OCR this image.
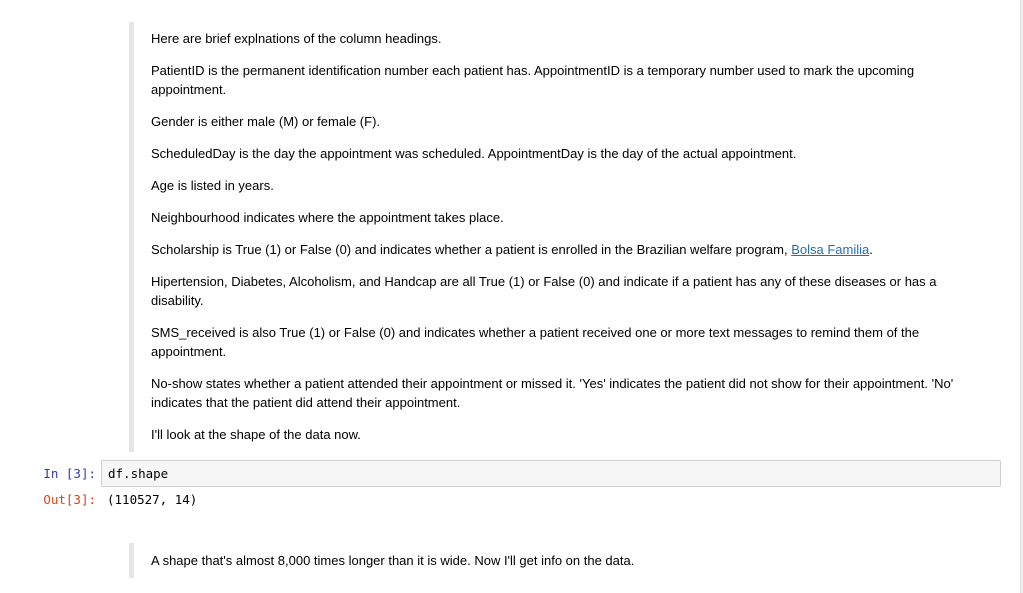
Here are brief explnations of the column headings.

PatientID is the permanent identification number each patient has. AppointmentID is a temporary number used to mark the upcoming appointment.

Gender is either male (M) or female (F).

ScheduledDay is the day the appointment was scheduled. AppointmentDay is the day of the actual appointment.

Age is listed in years.

Neighbourhood indicates where the appointment takes place.

Scholarship is True (1) or False (0) and indicates whether a patient is enrolled in the Brazilian welfare program, Bolsa Familia.

Hipertension, Diabetes, Alcoholism, and Handcap are all True (1) or False (0) and indicate if a patient has any of these diseases or has a disability.

SMS_received is also True (1) or False (0) and indicates whether a patient received one or more text messages to remind them of the appointment.

No-show states whether a patient attended their appointment or missed it. 'Yes' indicates the patient did not show for their appointment. 'No' indicates that the patient did attend their appointment.

I'll look at the shape of the data now.

In [3]: df.shape
Out[3]: (110527, 14)

A shape that's almost 8,000 times longer than it is wide. Now I'll get info on the data.
